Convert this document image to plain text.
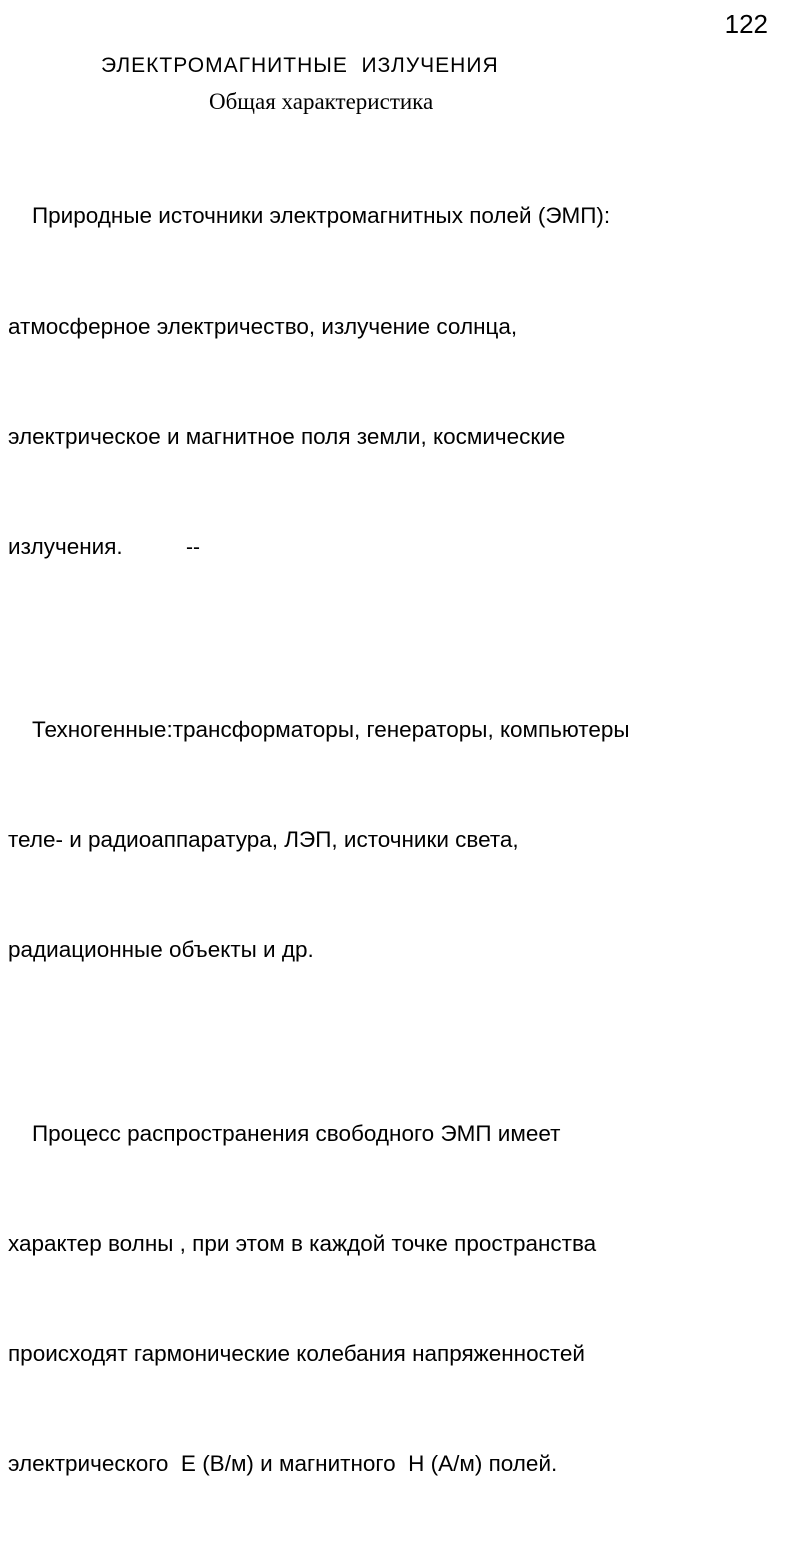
122
ЭЛЕКТРОМАГНИТНЫЕ  ИЗЛУЧЕНИЯ
Общая характеристика

Природные источники электромагнитных полей (ЭМП):

атмосферное электричество, излучение солнца,

электрическое и магнитное поля земли, космические

излучения.

Техногенные:трансформаторы, генераторы, компьютеры

теле- и радиоаппаратура, ЛЭП, источники света,

радиационные объекты и др.

Процесс распространения свободного ЭМП имеет

характер волны , при этом в каждой точке пространства

происходят гармонические колебания напряженностей

электрического  Е (В/м) и магнитного  Н (А/м) полей.

--
